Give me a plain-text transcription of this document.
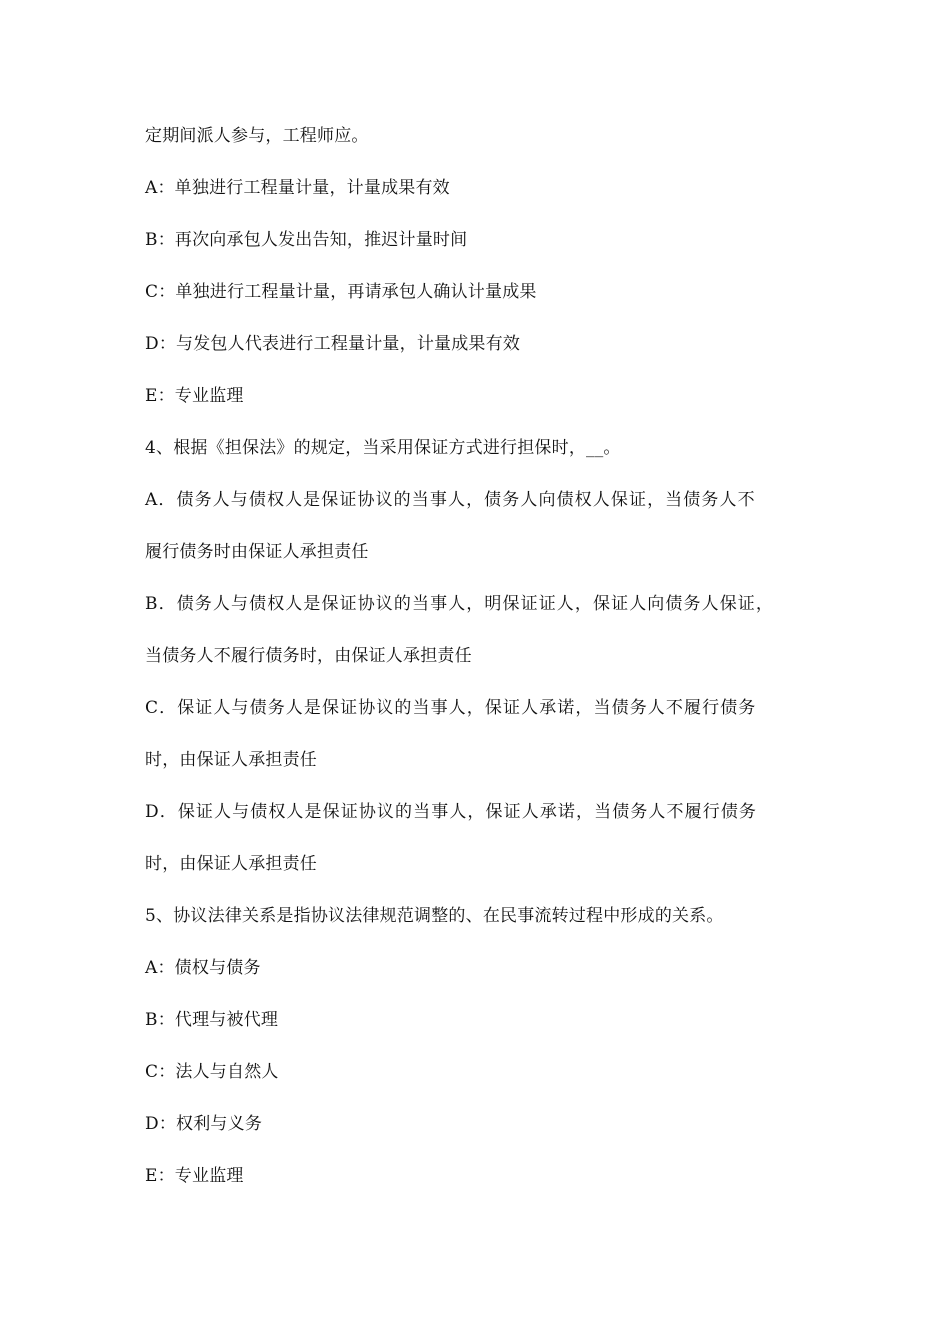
定期间派人参与，工程师应。
A：单独进行工程量计量，计量成果有效
B：再次向承包人发出告知，推迟计量时间
C：单独进行工程量计量，再请承包人确认计量成果
D：与发包人代表进行工程量计量，计量成果有效
E：专业监理
4、根据《担保法》的规定，当采用保证方式进行担保时，__。
A．债务人与债权人是保证协议的当事人，债务人向债权人保证，当债务人不
履行债务时由保证人承担责任
B．债务人与债权人是保证协议的当事人，明保证证人，保证人向债务人保证，
当债务人不履行债务时，由保证人承担责任
C．保证人与债务人是保证协议的当事人，保证人承诺，当债务人不履行债务
时，由保证人承担责任
D．保证人与债权人是保证协议的当事人，保证人承诺，当债务人不履行债务
时，由保证人承担责任
5、协议法律关系是指协议法律规范调整的、在民事流转过程中形成的关系。
A：债权与债务
B：代理与被代理
C：法人与自然人
D：权利与义务
E：专业监理
